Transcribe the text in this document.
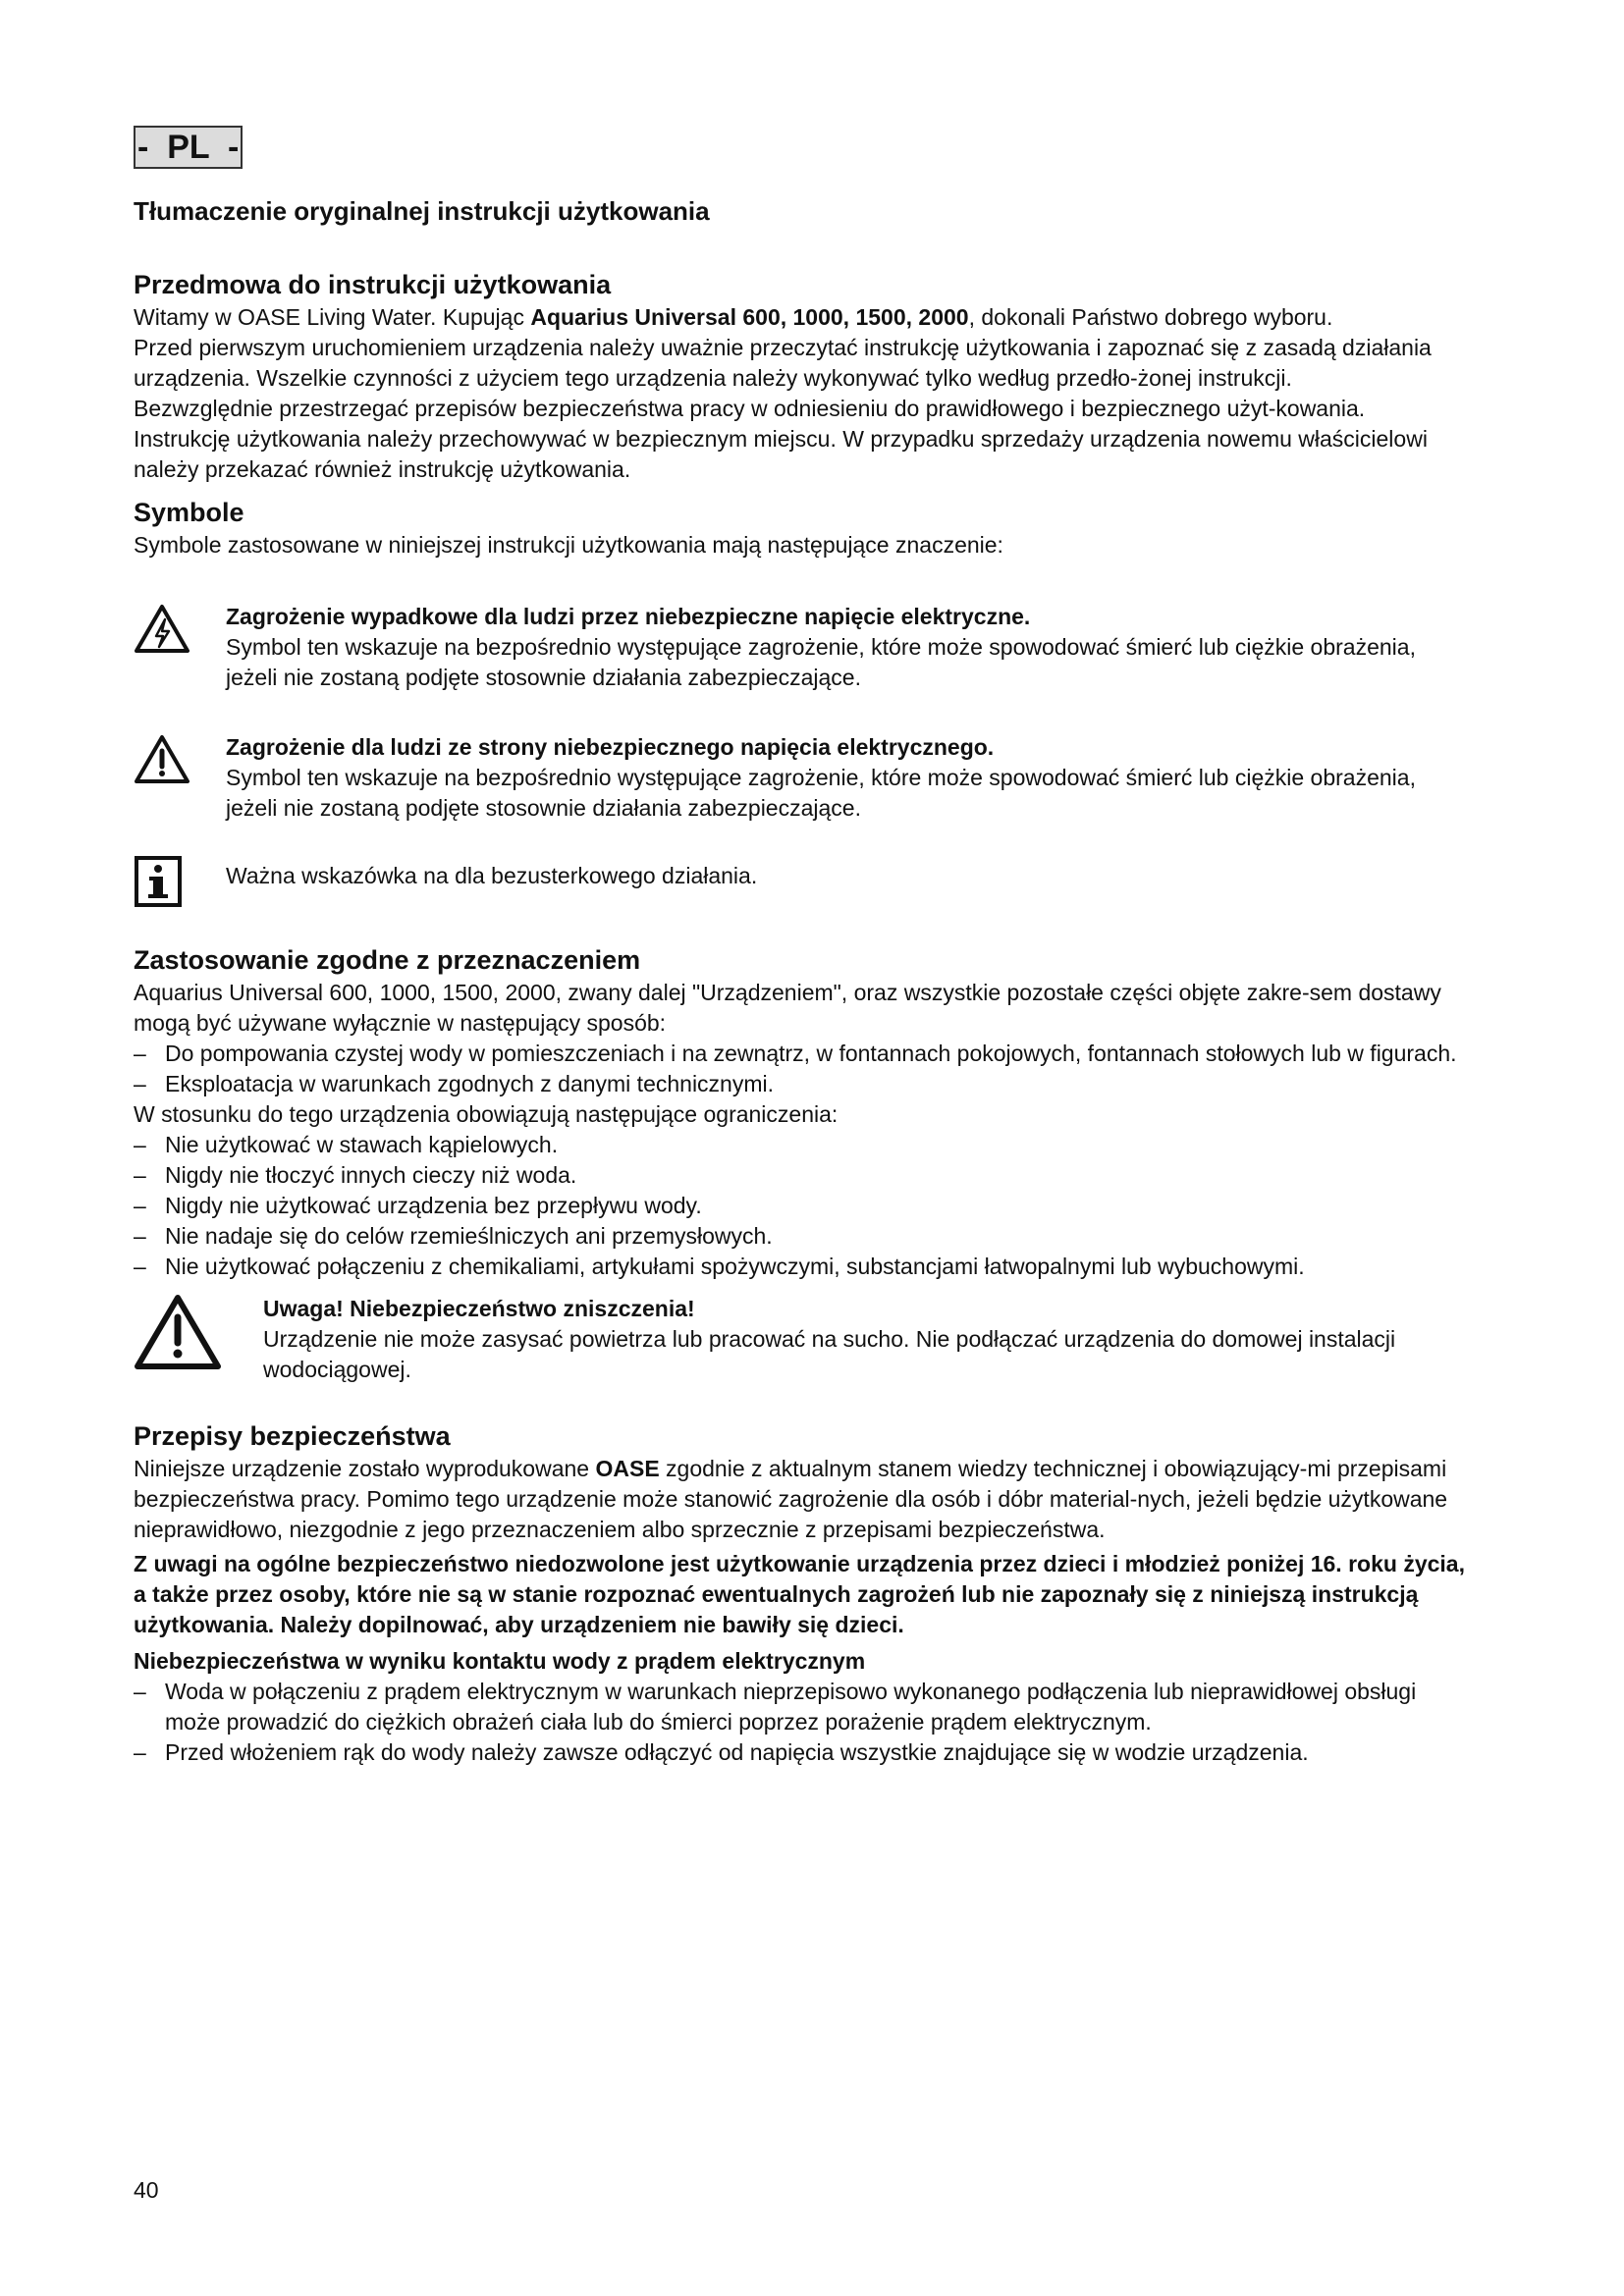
-  PL  -
Tłumaczenie oryginalnej instrukcji użytkowania
Przedmowa do instrukcji użytkowania

Witamy w OASE Living Water. Kupując Aquarius Universal 600, 1000, 1500, 2000, dokonali Państwo dobrego wyboru.

Przed pierwszym uruchomieniem urządzenia należy uważnie przeczytać instrukcję użytkowania i zapoznać się z zasadą działania urządzenia. Wszelkie czynności z użyciem tego urządzenia należy wykonywać tylko według przedło-żonej instrukcji.

Bezwzględnie przestrzegać przepisów bezpieczeństwa pracy w odniesieniu do prawidłowego i bezpiecznego użyt-kowania.

Instrukcję użytkowania należy przechowywać w bezpiecznym miejscu. W przypadku sprzedaży urządzenia nowemu właścicielowi należy przekazać również instrukcję użytkowania.

Symbole

Symbole zastosowane w niniejszej instrukcji użytkowania mają następujące znaczenie:

Zagrożenie wypadkowe dla ludzi przez niebezpieczne napięcie elektryczne.

Symbol ten wskazuje na bezpośrednio występujące zagrożenie, które może spowodować śmierć lub ciężkie obrażenia, jeżeli nie zostaną podjęte stosownie działania zabezpieczające.

Zagrożenie dla ludzi ze strony niebezpiecznego napięcia elektrycznego.

Symbol ten wskazuje na bezpośrednio występujące zagrożenie, które może spowodować śmierć lub ciężkie obrażenia, jeżeli nie zostaną podjęte stosownie działania zabezpieczające.

Ważna wskazówka na dla bezusterkowego działania.

Zastosowanie zgodne z przeznaczeniem

Aquarius Universal 600, 1000, 1500, 2000, zwany dalej "Urządzeniem", oraz wszystkie pozostałe części objęte zakre-sem dostawy mogą być używane wyłącznie w następujący sposób:

– Do pompowania czystej wody w pomieszczeniach i na zewnątrz, w fontannach pokojowych, fontannach stołowych lub w figurach.
– Eksploatacja w warunkach zgodnych z danymi technicznymi.

W stosunku do tego urządzenia obowiązują następujące ograniczenia:

– Nie użytkować w stawach kąpielowych.
– Nigdy nie tłoczyć innych cieczy niż woda.
– Nigdy nie użytkować urządzenia bez przepływu wody.
– Nie nadaje się do celów rzemieślniczych ani przemysłowych.
– Nie użytkować połączeniu z chemikaliami, artykułami spożywczymi, substancjami łatwopalnymi lub wybuchowymi.
Uwaga! Niebezpieczeństwo zniszczenia!

Urządzenie nie może zasysać powietrza lub pracować na sucho. Nie podłączać urządzenia do domowej instalacji wodociągowej.

Przepisy bezpieczeństwa

Niniejsze urządzenie zostało wyprodukowane OASE zgodnie z aktualnym stanem wiedzy technicznej i obowiązujący-mi przepisami bezpieczeństwa pracy. Pomimo tego urządzenie może stanowić zagrożenie dla osób i dóbr material-nych, jeżeli będzie użytkowane nieprawidłowo, niezgodnie z jego przeznaczeniem albo sprzecznie z przepisami bezpieczeństwa.

Z uwagi na ogólne bezpieczeństwo niedozwolone jest użytkowanie urządzenia przez dzieci i młodzież poniżej 16. roku życia, a także przez osoby, które nie są w stanie rozpoznać ewentualnych zagrożeń lub nie zapoznały się z niniejszą instrukcją użytkowania. Należy dopilnować, aby urządzeniem nie bawiły się dzieci.

Niebezpieczeństwa w wyniku kontaktu wody z prądem elektrycznym

– Woda w połączeniu z prądem elektrycznym w warunkach nieprzepisowo wykonanego podłączenia lub nieprawidłowej obsługi może prowadzić do ciężkich obrażeń ciała lub do śmierci poprzez porażenie prądem elektrycznym.
– Przed włożeniem rąk do wody należy zawsze odłączyć od napięcia wszystkie znajdujące się w wodzie urządzenia.
40
